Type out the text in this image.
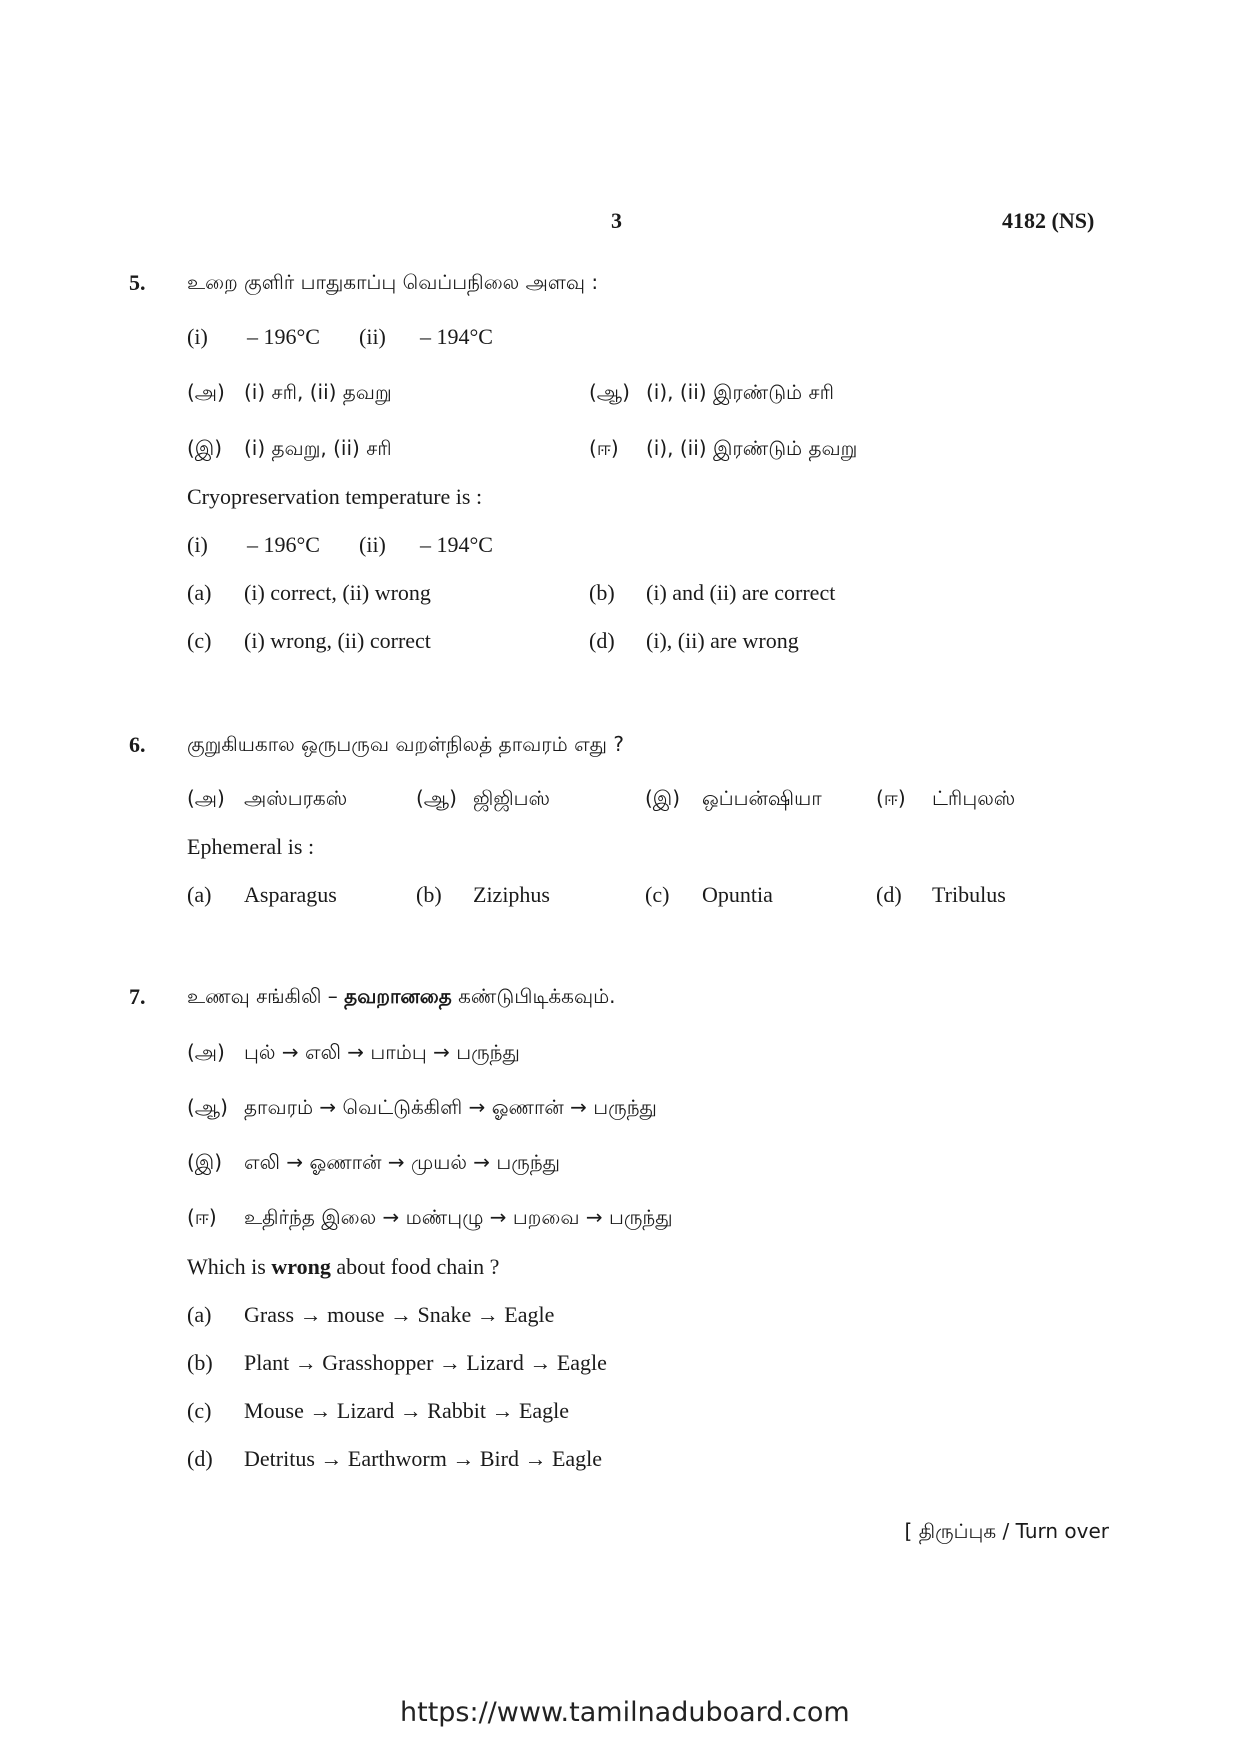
3	4182 (NS)
5. உறை குளிர் பாதுகாப்பு வெப்பநிலை அளவு :
(i) – 196°C (ii) – 194°C
(அ) (i) சரி, (ii) தவறு	(ஆ) (i), (ii) இரண்டும் சரி
(இ) (i) தவறு, (ii) சரி	(ஈ) (i), (ii) இரண்டும் தவறு
Cryopreservation temperature is :
(i) – 196°C (ii) – 194°C
(a) (i) correct, (ii) wrong	(b) (i) and (ii) are correct
(c) (i) wrong, (ii) correct	(d) (i), (ii) are wrong
6. குறுகியகால ஒருபருவ வறள்நிலத் தாவரம் எது ?
(அ) அஸ்பரகஸ்	(ஆ) ஜிஜிபஸ்	(இ) ஒப்பன்ஷியா	(ஈ) ட்ரிபுலஸ்
Ephemeral is :
(a) Asparagus	(b) Ziziphus	(c) Opuntia	(d) Tribulus
7. உணவு சங்கிலி – தவறானதை கண்டுபிடிக்கவும்.
(அ) புல் → எலி → பாம்பு → பருந்து
(ஆ) தாவரம் → வெட்டுக்கிளி → ஓணான் → பருந்து
(இ) எலி → ஓணான் → முயல் → பருந்து
(ஈ) உதிர்ந்த இலை → மண்புழு → பறவை → பருந்து
Which is wrong about food chain ?
(a) Grass → mouse → Snake → Eagle
(b) Plant → Grasshopper → Lizard → Eagle
(c) Mouse → Lizard → Rabbit → Eagle
(d) Detritus → Earthworm → Bird → Eagle
[ திருப்புக / Turn over
https://www.tamilnaduboard.com
